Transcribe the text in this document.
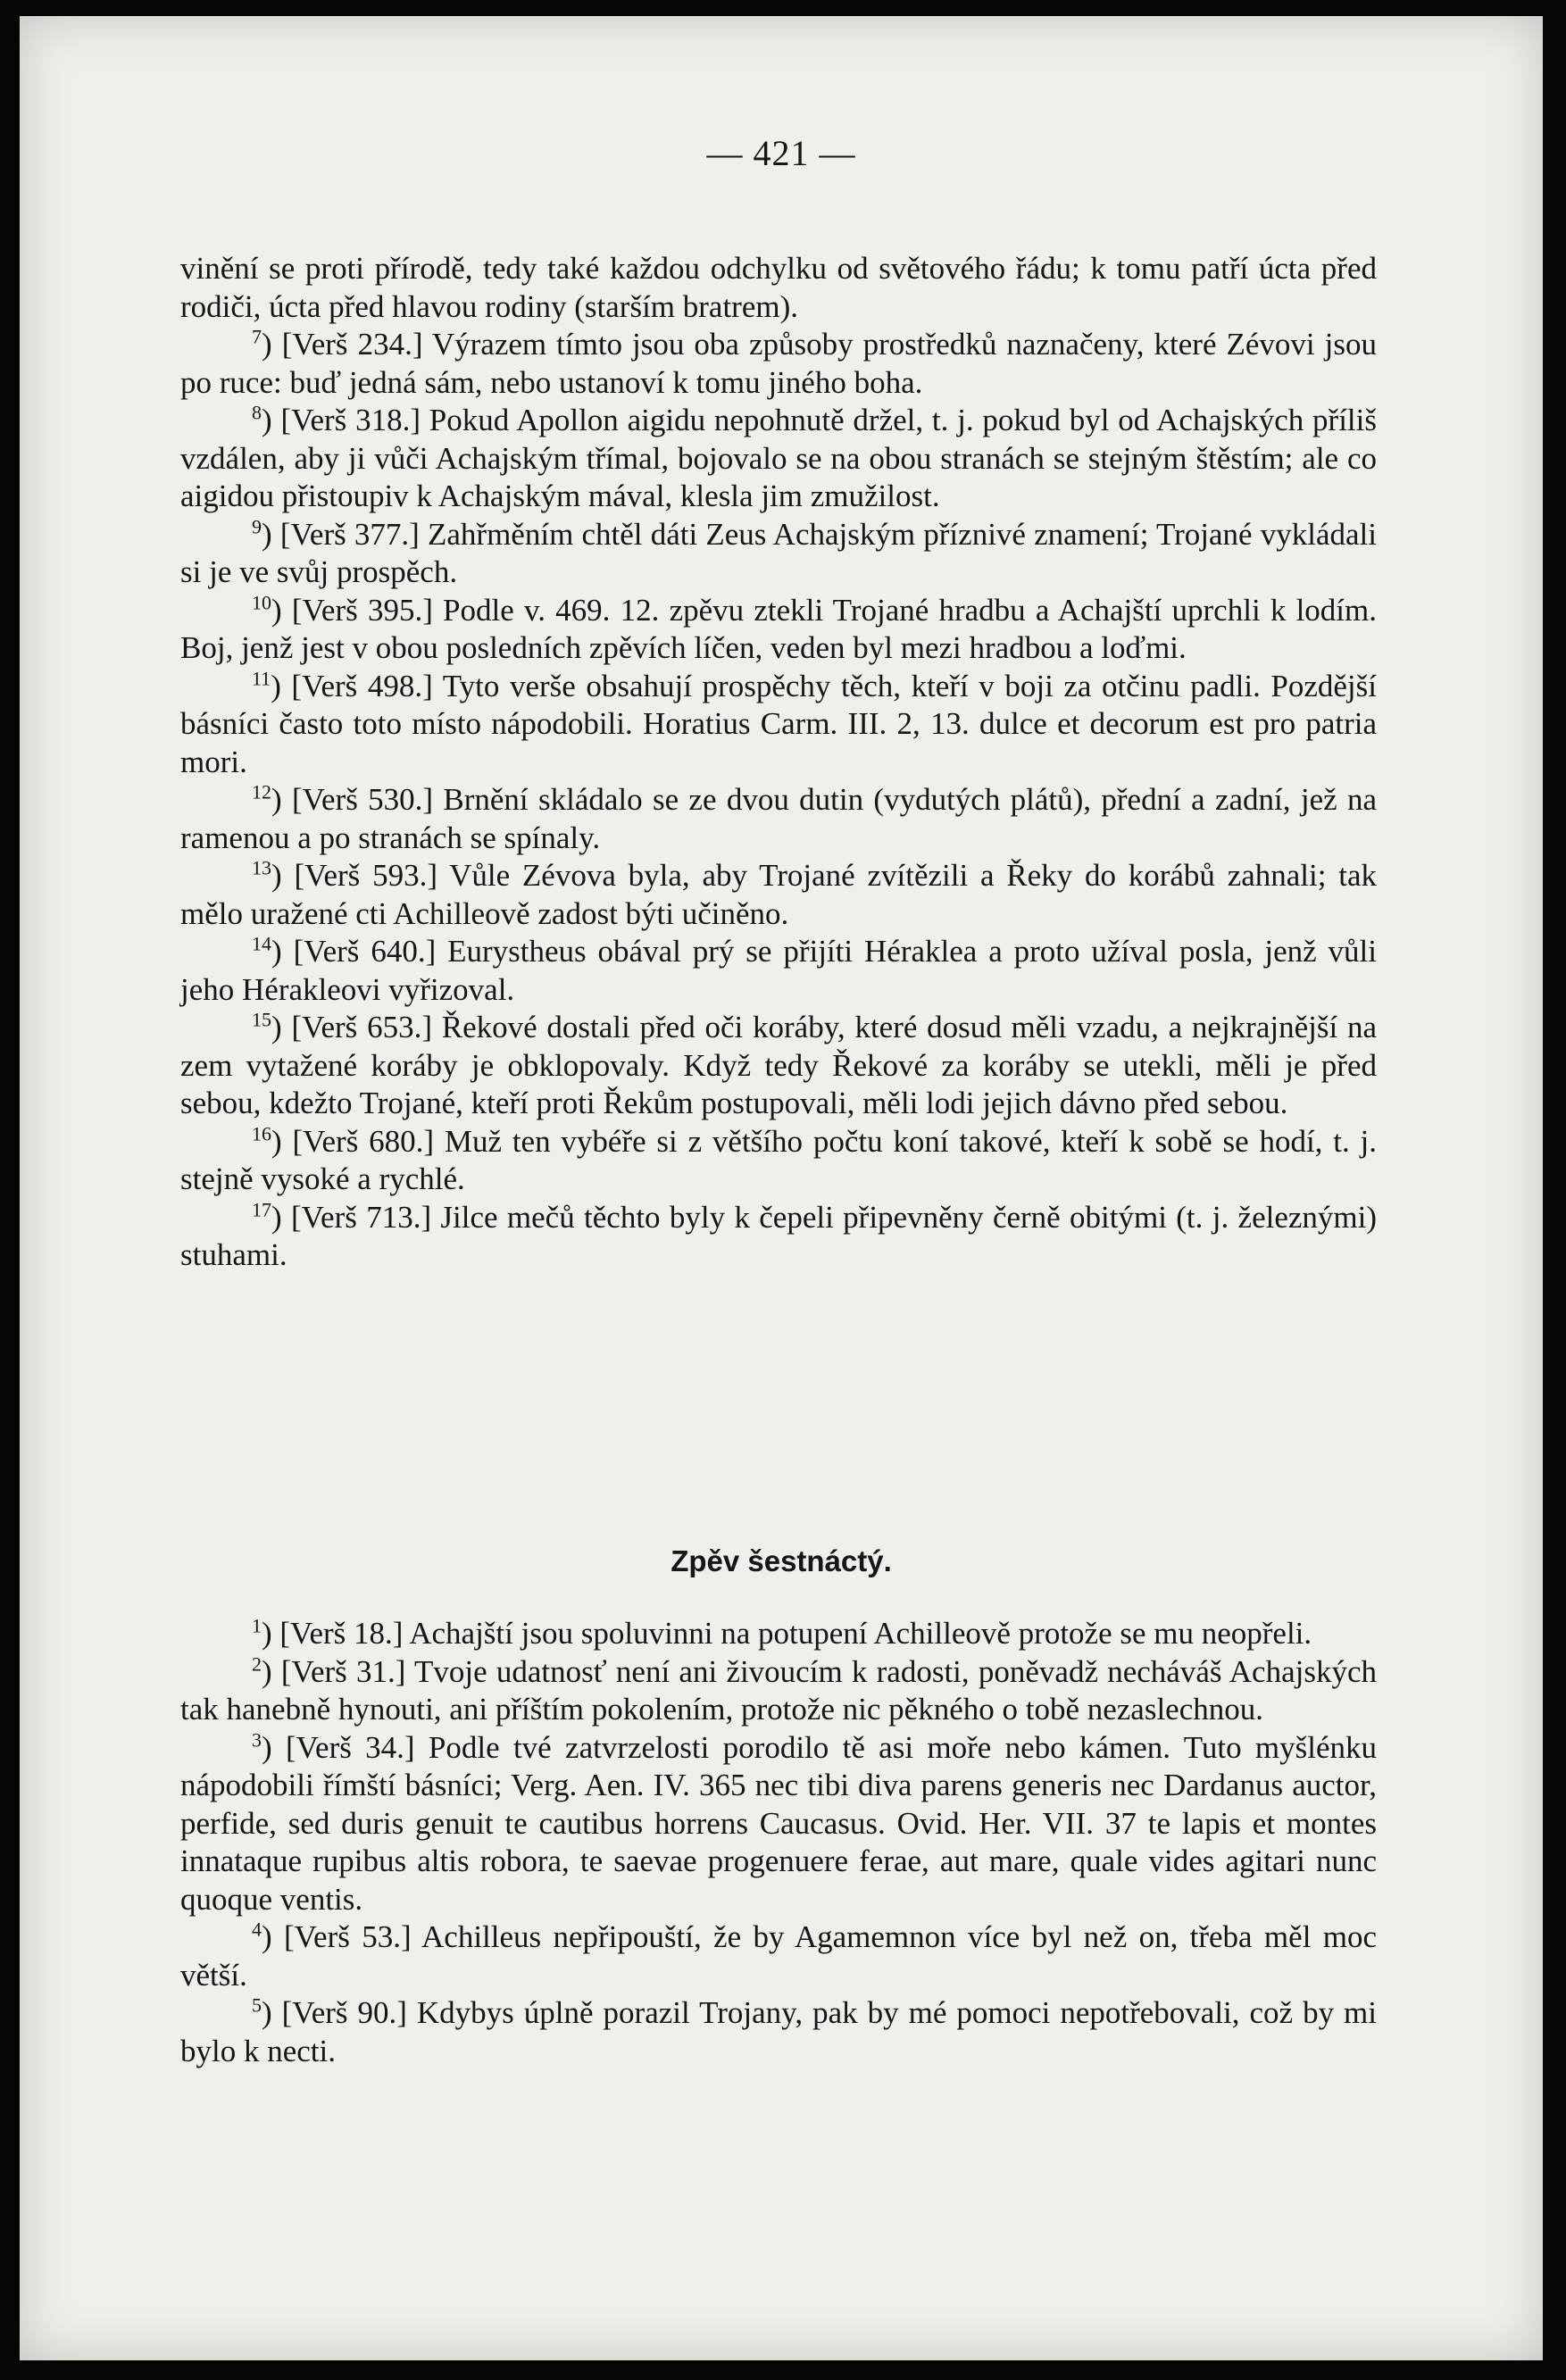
— 421 —

vinění se proti přírodě, tedy také každou odchylku od světového řádu; k tomu patří úcta před rodiči, úcta před hlavou rodiny (starším bratrem).

$^7$) [Verš 234.] Výrazem tímto jsou oba způsoby prostředků naznačeny, které Zévovi jsou po ruce: buď jedná sám, nebo ustanoví k tomu jiného boha.

$^8$) [Verš 318.] Pokud Apollon aigidu nepohnutě držel, t. j. pokud byl od Achajských příliš vzdálen, aby ji vůči Achajským třímal, bojovalo se na obou stranách se stejným štěstím; ale co aigidou přistoupiv k Achajským mával, klesla jim zmužilost.

$^9$) [Verš 377.] Zahřměním chtěl dáti Zeus Achajským příznivé znamení; Trojané vykládali si je ve svůj prospěch.

$^{10}$) [Verš 395.] Podle v. 469. 12. zpěvu ztekli Trojané hradbu a Achajští uprchli k lodím. Boj, jenž jest v obou posledních zpěvích líčen, veden byl mezi hradbou a loďmi.

$^{11}$) [Verš 498.] Tyto verše obsahují prospěchy těch, kteří v boji za otčinu padli. Pozdější básníci často toto místo nápodobili. Horatius Carm. III. 2, 13. dulce et decorum est pro patria mori.

$^{12}$) [Verš 530.] Brnění skládalo se ze dvou dutin (vydutých plátů), přední a zadní, jež na ramenou a po stranách se spínaly.

$^{13}$) [Verš 593.] Vůle Zévova byla, aby Trojané zvítězili a Řeky do korábů zahnali; tak mělo uražené cti Achilleově zadost býti učiněno.

$^{14}$) [Verš 640.] Eurystheus obával prý se přijíti Hérakleа a proto užíval posla, jenž vůli jeho Hérakleovi vyřizoval.

$^{15}$) [Verš 653.] Řekové dostali před oči koráby, které dosud měli vzadu, a nejkrajnější na zem vytažené koráby je obklopovaly. Když tedy Řekové za koráby se utekli, měli je před sebou, kdežto Trojané, kteří proti Řekům postupovali, měli lodi jejich dávno před sebou.

$^{16}$) [Verš 680.] Muž ten vybéře si z většího počtu koní takové, kteří k sobě se hodí, t. j. stejně vysoké a rychlé.

$^{17}$) [Verš 713.] Jilce mečů těchto byly k čepeli připevněny černě obitými (t. j. železnými) stuhami.

Zpěv šestnáctý.

$^1$) [Verš 18.] Achajští jsou spoluvinni na potupení Achilleově protože se mu neopřeli.

$^2$) [Verš 31.] Tvoje udatnosť není ani živoucím k radosti, poněvadž necháváš Achajských tak hanebně hynouti, ani příštím pokolením, protože nic pěkného o tobě nezaslechnou.

$^3$) [Verš 34.] Podle tvé zatvrzelosti porodilo tě asi moře nebo kámen. Tuto myšlénku nápodobili římští básníci; Verg. Aen. IV. 365 nec tibi diva parens generis nec Dardanus auctor, perfide, sed duris genuit te cautibus horrens Caucasus. Ovid. Her. VII. 37 te lapis et montes innataque rupibus altis robora, te saevae progenuere ferae, aut mare, quale vides agitari nunc quoque ventis.

$^4$) [Verš 53.] Achilleus nepřipouští, že by Agamemnon více byl než on, třeba měl moc větší.

$^5$) [Verš 90.] Kdybys úplně porazil Trojany, pak by mé pomoci nepotřebovali, což by mi bylo k necti.
